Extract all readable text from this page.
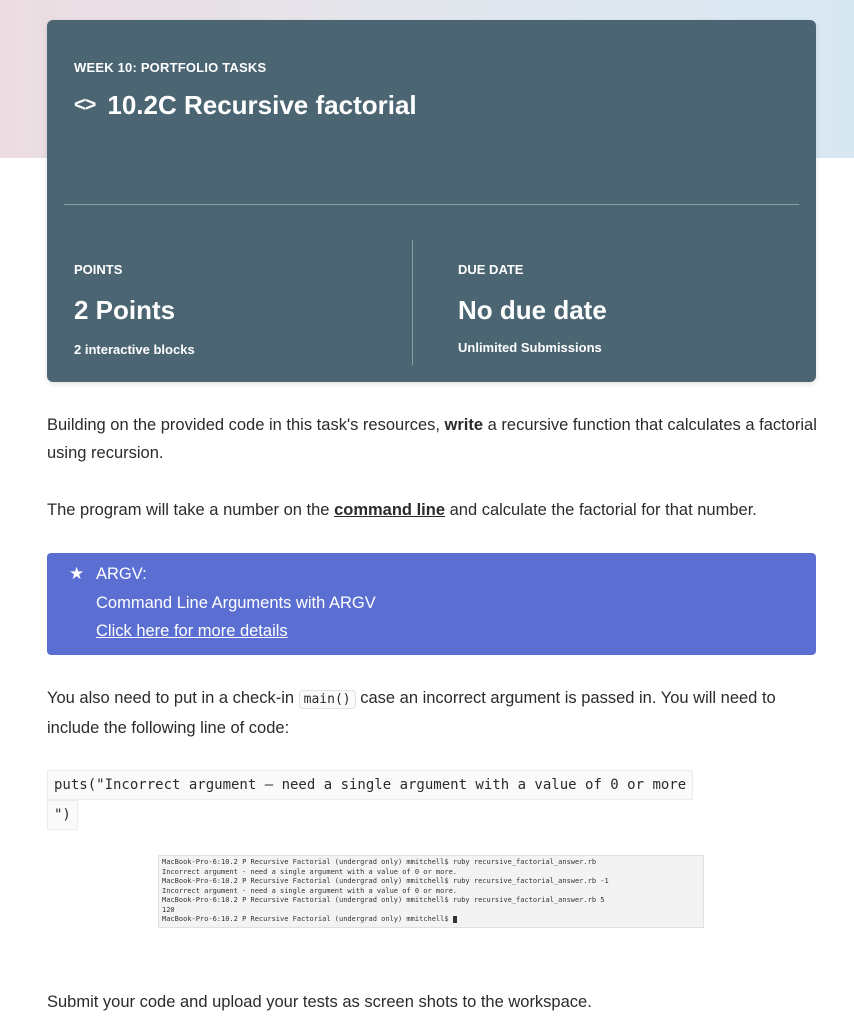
WEEK 10: PORTFOLIO TASKS
<> 10.2C Recursive factorial
POINTS
2 Points
2 interactive blocks
DUE DATE
No due date
Unlimited Submissions
Building on the provided code in this task's resources, write a recursive function that calculates a factorial using recursion.
The program will take a number on the command line and calculate the factorial for that number.
★ ARGV:
Command Line Arguments with ARGV
Click here for more details
You also need to put in a check-in main() case an incorrect argument is passed in. You will need to include the following line of code:
puts("Incorrect argument – need a single argument with a value of 0 or more
")
MacBook-Pro-6:10.2 P Recursive Factorial (undergrad only) mmitchell$ ruby recursive_factorial_answer.rb
Incorrect argument - need a single argument with a value of 0 or more.
MacBook-Pro-6:10.2 P Recursive Factorial (undergrad only) mmitchell$ ruby recursive_factorial_answer.rb -1
Incorrect argument - need a single argument with a value of 0 or more.
MacBook-Pro-6:10.2 P Recursive Factorial (undergrad only) mmitchell$ ruby recursive_factorial_answer.rb 5
120
MacBook-Pro-6:10.2 P Recursive Factorial (undergrad only) mmitchell$
Submit your code and upload your tests as screen shots to the workspace.
